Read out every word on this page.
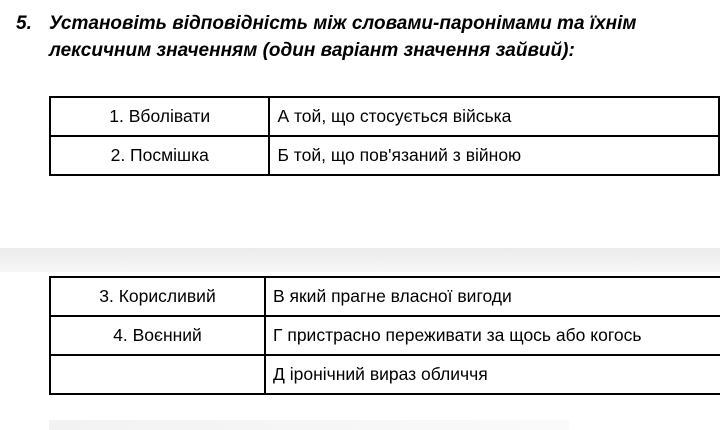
5. Установіть відповідність між словами-паронімами та їхнім
лексичним значенням (один варіант значення зайвий):
1. Вболівати	А той, що стосується війська
2. Посмішка	Б той, що пов'язаний з війною
3. Корисливий	В який прагне власної вигоди
4. Воєнний	Г пристрасно переживати за щось або когось
	Д іронічний вираз обличчя
